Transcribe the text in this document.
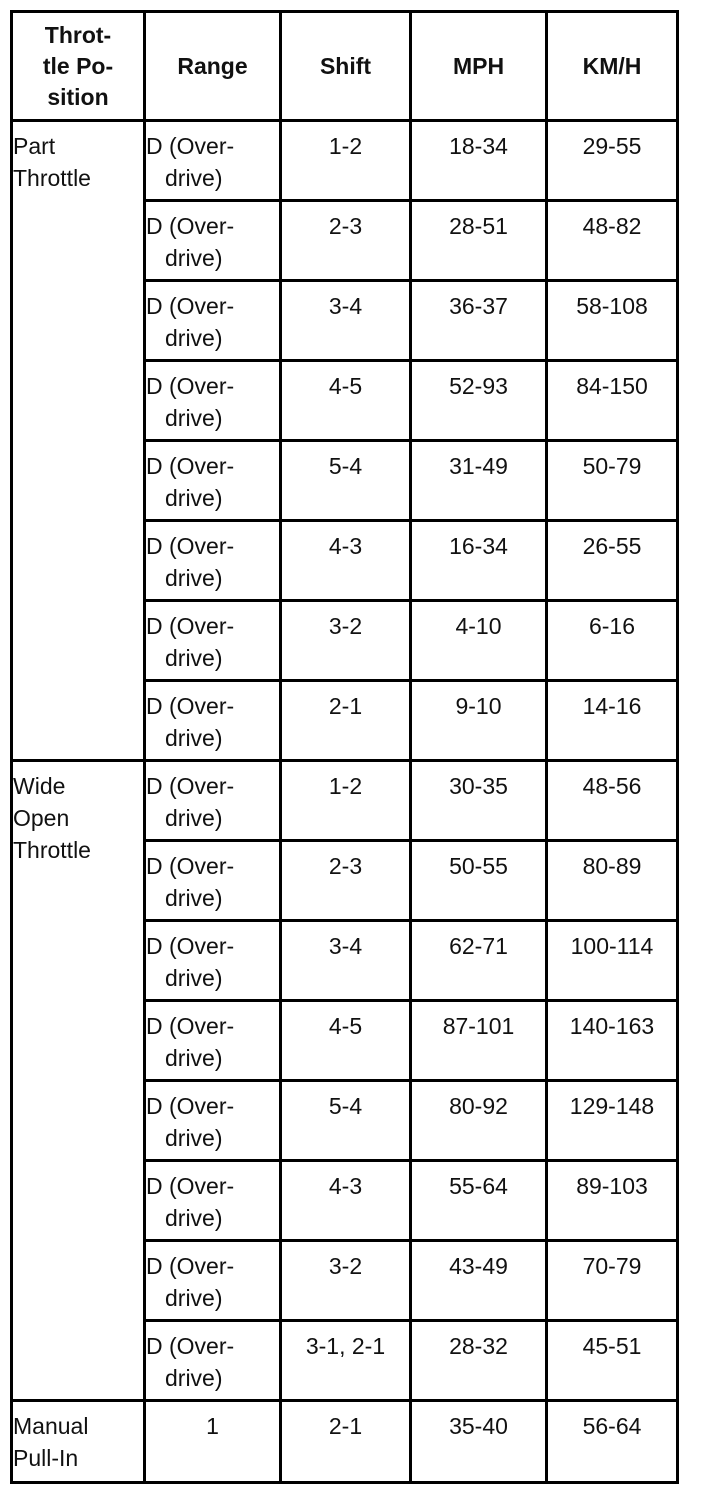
Throt-
tle Po-
sition	Range	Shift	MPH	KM/H

Part
Throttle	D (Over-
drive)	1-2	18-34	29-55

	D (Over-
drive)	2-3	28-51	48-82

	D (Over-
drive)	3-4	36-37	58-108

	D (Over-
drive)	4-5	52-93	84-150

	D (Over-
drive)	5-4	31-49	50-79

	D (Over-
drive)	4-3	16-34	26-55

	D (Over-
drive)	3-2	4-10	6-16

	D (Over-
drive)	2-1	9-10	14-16

Wide
Open
Throttle	D (Over-
drive)	1-2	30-35	48-56

	D (Over-
drive)	2-3	50-55	80-89

	D (Over-
drive)	3-4	62-71	100-114

	D (Over-
drive)	4-5	87-101	140-163

	D (Over-
drive)	5-4	80-92	129-148

	D (Over-
drive)	4-3	55-64	89-103

	D (Over-
drive)	3-2	43-49	70-79

	D (Over-
drive)	3-1, 2-1	28-32	45-51

Manual
Pull-In	1	2-1	35-40	56-64
